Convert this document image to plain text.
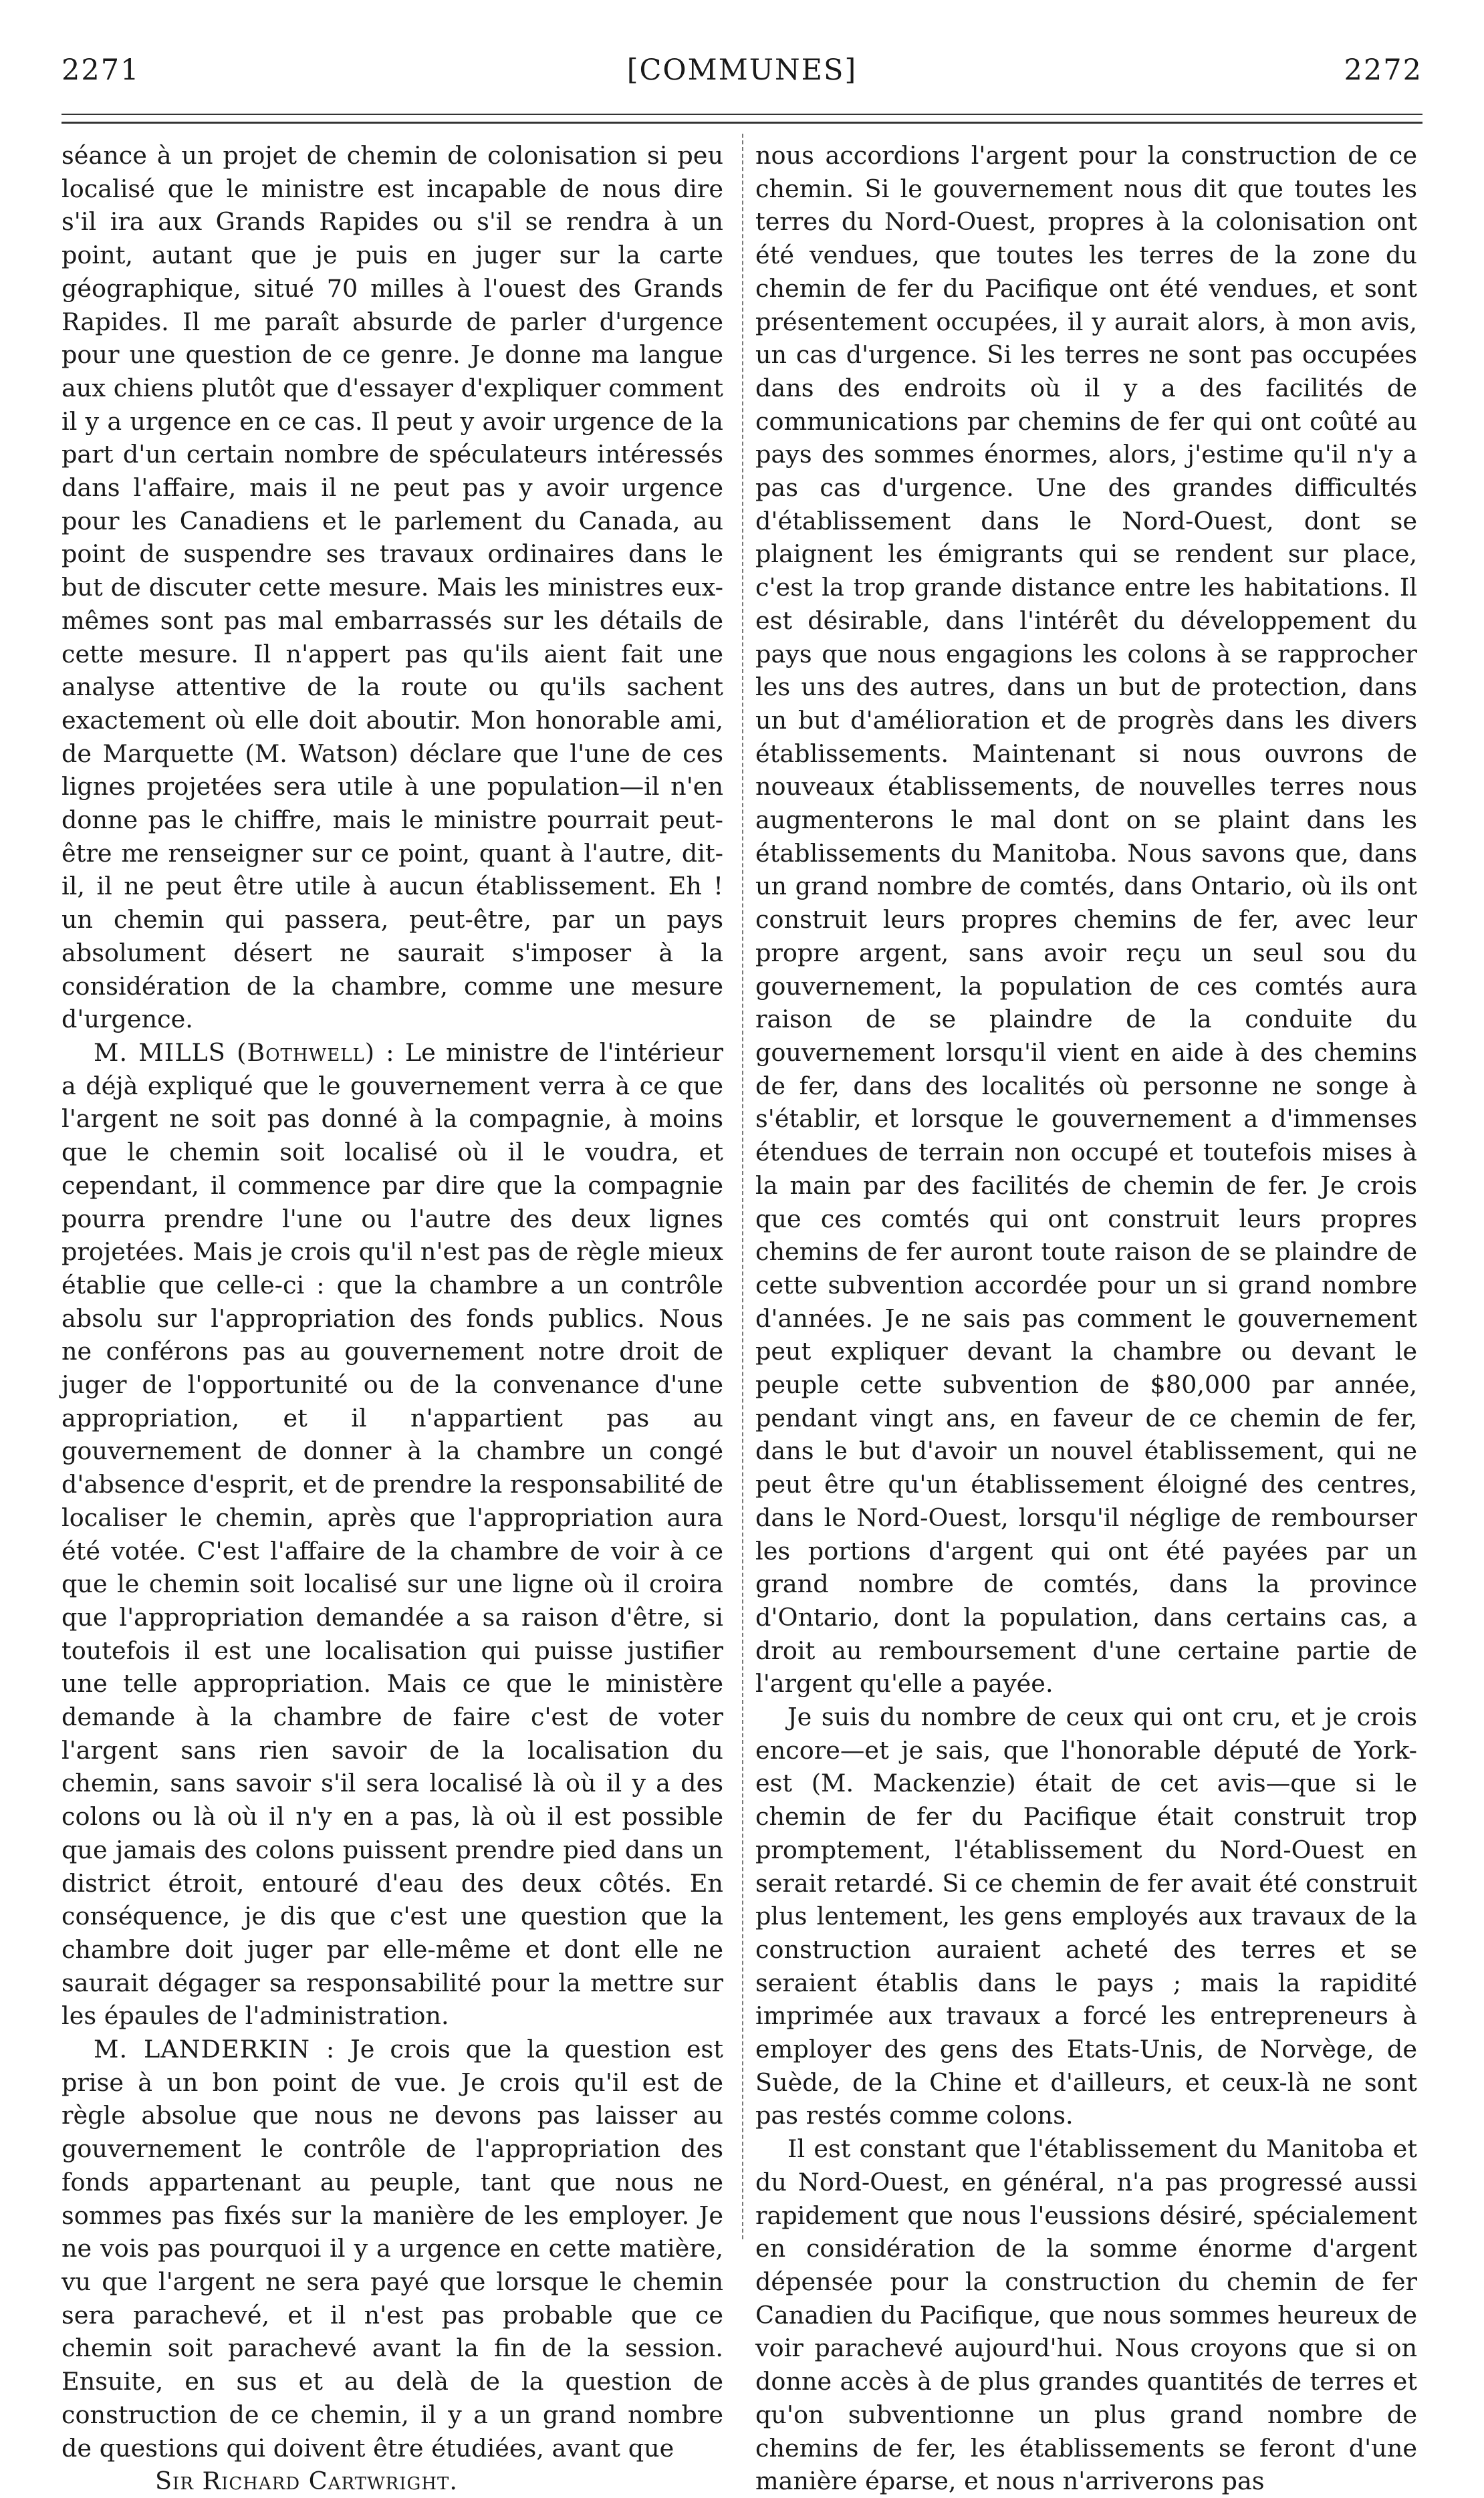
2271	[COMMUNES]	2272

séance à un projet de chemin de colonisation si peu localisé que le ministre est incapable de nous dire s'il ira aux Grands Rapides ou s'il se rendra à un point, autant que je puis en juger sur la carte géographique, situé 70 milles à l'ouest des Grands Rapides. Il me paraît absurde de parler d'urgence pour une question de ce genre. Je donne ma langue aux chiens plutôt que d'essayer d'expliquer comment il y a urgence en ce cas. Il peut y avoir urgence de la part d'un certain nombre de spéculateurs intéressés dans l'affaire, mais il ne peut pas y avoir urgence pour les Canadiens et le parlement du Canada, au point de suspendre ses travaux ordinaires dans le but de discuter cette mesure. Mais les ministres eux-mêmes sont pas mal embarrassés sur les détails de cette mesure. Il n'appert pas qu'ils aient fait une analyse attentive de la route ou qu'ils sachent exactement où elle doit aboutir. Mon honorable ami, de Marquette (M. Watson) déclare que l'une de ces lignes projetées sera utile à une population—il n'en donne pas le chiffre, mais le ministre pourrait peut-être me renseigner sur ce point, quant à l'autre, dit-il, il ne peut être utile à aucun établissement. Eh ! un chemin qui passera, peut-être, par un pays absolument désert ne saurait s'imposer à la considération de la chambre, comme une mesure d'urgence.

M. MILLS (Bothwell) : Le ministre de l'intérieur a déjà expliqué que le gouvernement verra à ce que l'argent ne soit pas donné à la compagnie, à moins que le chemin soit localisé où il le voudra, et cependant, il commence par dire que la compagnie pourra prendre l'une ou l'autre des deux lignes projetées. Mais je crois qu'il n'est pas de règle mieux établie que celle-ci : que la chambre a un contrôle absolu sur l'appropriation des fonds publics. Nous ne conférons pas au gouvernement notre droit de juger de l'opportunité ou de la convenance d'une appropriation, et il n'appartient pas au gouvernement de donner à la chambre un congé d'absence d'esprit, et de prendre la responsabilité de localiser le chemin, après que l'appropriation aura été votée. C'est l'affaire de la chambre de voir à ce que le chemin soit localisé sur une ligne où il croira que l'appropriation demandée a sa raison d'être, si toutefois il est une localisation qui puisse justifier une telle appropriation. Mais ce que le ministère demande à la chambre de faire c'est de voter l'argent sans rien savoir de la localisation du chemin, sans savoir s'il sera localisé là où il y a des colons ou là où il n'y en a pas, là où il est possible que jamais des colons puissent prendre pied dans un district étroit, entouré d'eau des deux côtés. En conséquence, je dis que c'est une question que la chambre doit juger par elle-même et dont elle ne saurait dégager sa responsabilité pour la mettre sur les épaules de l'administration.

M. LANDERKIN : Je crois que la question est prise à un bon point de vue. Je crois qu'il est de règle absolue que nous ne devons pas laisser au gouvernement le contrôle de l'appropriation des fonds appartenant au peuple, tant que nous ne sommes pas fixés sur la manière de les employer. Je ne vois pas pourquoi il y a urgence en cette matière, vu que l'argent ne sera payé que lorsque le chemin sera parachevé, et il n'est pas probable que ce chemin soit parachevé avant la fin de la session. Ensuite, en sus et au delà de la question de construction de ce chemin, il y a un grand nombre de questions qui doivent être étudiées, avant que

Sir Richard Cartwright.

nous accordions l'argent pour la construction de ce chemin. Si le gouvernement nous dit que toutes les terres du Nord-Ouest, propres à la colonisation ont été vendues, que toutes les terres de la zone du chemin de fer du Pacifique ont été vendues, et sont présentement occupées, il y aurait alors, à mon avis, un cas d'urgence. Si les terres ne sont pas occupées dans des endroits où il y a des facilités de communications par chemins de fer qui ont coûté au pays des sommes énormes, alors, j'estime qu'il n'y a pas cas d'urgence. Une des grandes difficultés d'établissement dans le Nord-Ouest, dont se plaignent les émigrants qui se rendent sur place, c'est la trop grande distance entre les habitations. Il est désirable, dans l'intérêt du développement du pays que nous engagions les colons à se rapprocher les uns des autres, dans un but de protection, dans un but d'amélioration et de progrès dans les divers établissements. Maintenant si nous ouvrons de nouveaux établissements, de nouvelles terres nous augmenterons le mal dont on se plaint dans les établissements du Manitoba. Nous savons que, dans un grand nombre de comtés, dans Ontario, où ils ont construit leurs propres chemins de fer, avec leur propre argent, sans avoir reçu un seul sou du gouvernement, la population de ces comtés aura raison de se plaindre de la conduite du gouvernement lorsqu'il vient en aide à des chemins de fer, dans des localités où personne ne songe à s'établir, et lorsque le gouvernement a d'immenses étendues de terrain non occupé et toutefois mises à la main par des facilités de chemin de fer. Je crois que ces comtés qui ont construit leurs propres chemins de fer auront toute raison de se plaindre de cette subvention accordée pour un si grand nombre d'années. Je ne sais pas comment le gouvernement peut expliquer devant la chambre ou devant le peuple cette subvention de $80,000 par année, pendant vingt ans, en faveur de ce chemin de fer, dans le but d'avoir un nouvel établissement, qui ne peut être qu'un établissement éloigné des centres, dans le Nord-Ouest, lorsqu'il néglige de rembourser les portions d'argent qui ont été payées par un grand nombre de comtés, dans la province d'Ontario, dont la population, dans certains cas, a droit au remboursement d'une certaine partie de l'argent qu'elle a payée.

Je suis du nombre de ceux qui ont cru, et je crois encore—et je sais, que l'honorable député de York-est (M. Mackenzie) était de cet avis—que si le chemin de fer du Pacifique était construit trop promptement, l'établissement du Nord-Ouest en serait retardé. Si ce chemin de fer avait été construit plus lentement, les gens employés aux travaux de la construction auraient acheté des terres et se seraient établis dans le pays ; mais la rapidité imprimée aux travaux a forcé les entrepreneurs à employer des gens des Etats-Unis, de Norvège, de Suède, de la Chine et d'ailleurs, et ceux-là ne sont pas restés comme colons.

Il est constant que l'établissement du Manitoba et du Nord-Ouest, en général, n'a pas progressé aussi rapidement que nous l'eussions désiré, spécialement en considération de la somme énorme d'argent dépensée pour la construction du chemin de fer Canadien du Pacifique, que nous sommes heureux de voir parachevé aujourd'hui. Nous croyons que si on donne accès à de plus grandes quantités de terres et qu'on subventionne un plus grand nombre de chemins de fer, les établissements se feront d'une manière éparse, et nous n'arriverons pas
